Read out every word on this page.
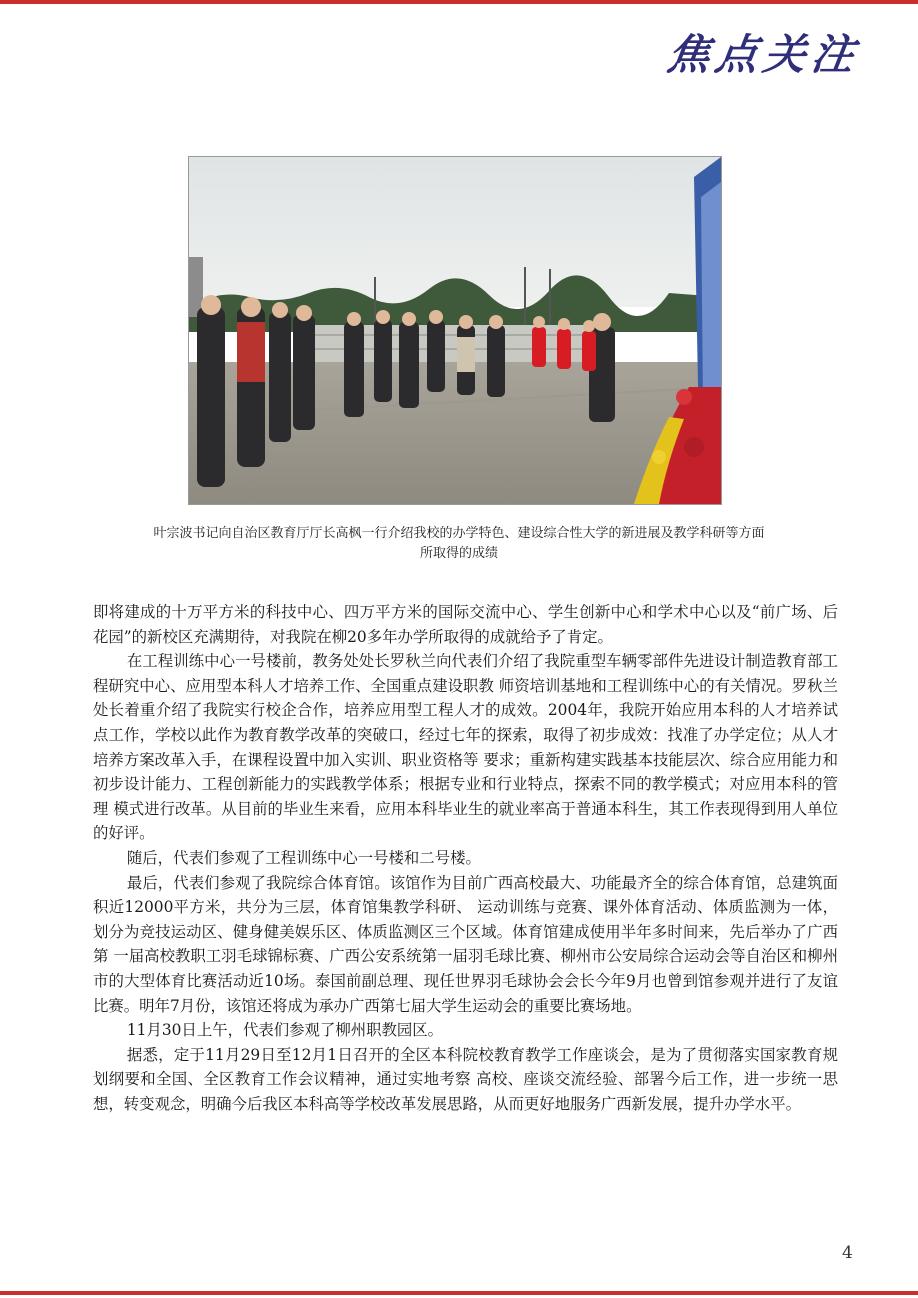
焦点关注
叶宗波书记向自治区教育厅厅长高枫一行介绍我校的办学特色、建设综合性大学的新进展及教学科研等方面所取得的成绩

即将建成的十万平方米的科技中心、四万平方米的国际交流中心、学生创新中心和学术中心以及“前广场、后花园”的新校区充满期待，对我院在柳20多年办学所取得的成就给予了肯定。

在工程训练中心一号楼前，教务处处长罗秋兰向代表们介绍了我院重型车辆零部件先进设计制造教育部工程研究中心、应用型本科人才培养工作、全国重点建设职教 师资培训基地和工程训练中心的有关情况。罗秋兰处长着重介绍了我院实行校企合作，培养应用型工程人才的成效。2004年，我院开始应用本科的人才培养试点工作，学校以此作为教育教学改革的突破口，经过七年的探索，取得了初步成效：找准了办学定位；从人才培养方案改革入手，在课程设置中加入实训、职业资格等 要求；重新构建实践基本技能层次、综合应用能力和初步设计能力、工程创新能力的实践教学体系；根据专业和行业特点，探索不同的教学模式；对应用本科的管理 模式进行改革。从目前的毕业生来看，应用本科毕业生的就业率高于普通本科生，其工作表现得到用人单位的好评。

随后，代表们参观了工程训练中心一号楼和二号楼。

最后，代表们参观了我院综合体育馆。该馆作为目前广西高校最大、功能最齐全的综合体育馆，总建筑面积近12000平方米，共分为三层，体育馆集教学科研、 运动训练与竞赛、课外体育活动、体质监测为一体，划分为竞技运动区、健身健美娱乐区、体质监测区三个区域。体育馆建成使用半年多时间来，先后举办了广西第 一届高校教职工羽毛球锦标赛、广西公安系统第一届羽毛球比赛、柳州市公安局综合运动会等自治区和柳州市的大型体育比赛活动近10场。泰国前副总理、现任世界羽毛球协会会长今年9月也曾到馆参观并进行了友谊比赛。明年7月份，该馆还将成为承办广西第七届大学生运动会的重要比赛场地。

11月30日上午，代表们参观了柳州职教园区。

据悉，定于11月29日至12月1日召开的全区本科院校教育教学工作座谈会，是为了贯彻落实国家教育规划纲要和全国、全区教育工作会议精神，通过实地考察 高校、座谈交流经验、部署今后工作，进一步统一思想，转变观念，明确今后我区本科高等学校改革发展思路，从而更好地服务广西新发展，提升办学水平。

4
